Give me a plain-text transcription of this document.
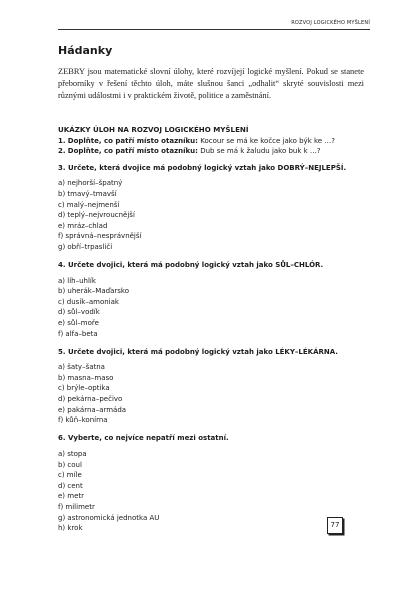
ROZVOJ LOGICKÉHO MYŠLENÍ
Hádanky
ZEBRY jsou matematické slovní úlohy, které rozvíjejí logické myšlení. Pokud se stanete přeborníky v řešení těchto úloh, máte slušnou šanci „odhalit“ skryté souvislosti mezi různými událostmi i v praktickém životě, politice a zaměstnání.
UKÁZKY ÚLOH NA ROZVOJ LOGICKÉHO MYŠLENÍ
1. Doplňte, co patří místo otazníku: Kocour se má ke kočce jako býk ke …?
2. Doplňte, co patří místo otazníku: Dub se má k žaludu jako buk k …?
3. Určete, která dvojice má podobný logický vztah jako DOBRÝ–NEJLEPŠÍ.
a) nejhorší–špatný
b) tmavý–tmavší
c) malý–nejmenší
d) teplý–nejvroucnější
e) mráz–chlad
f) správná–nesprávnější
g) obří–trpasličí
4. Určete dvojici, která má podobný logický vztah jako SŮL–CHLÓR.
a) líh–uhlík
b) uherák–Maďarsko
c) dusík–amoniak
d) sůl–vodík
e) sůl–moře
f) alfa–beta
5. Určete dvojici, která má podobný logický vztah jako LÉKY–LÉKÁRNA.
a) šaty–šatna
b) masna–maso
c) brýle–optika
d) pekárna–pečivo
e) pakárna–armáda
f) kůň–konírna
6. Vyberte, co nejvíce nepatří mezi ostatní.
a) stopa
b) coul
c) míle
d) cent
e) metr
f) milimetr
g) astronomická jednotka AU
h) krok	77
